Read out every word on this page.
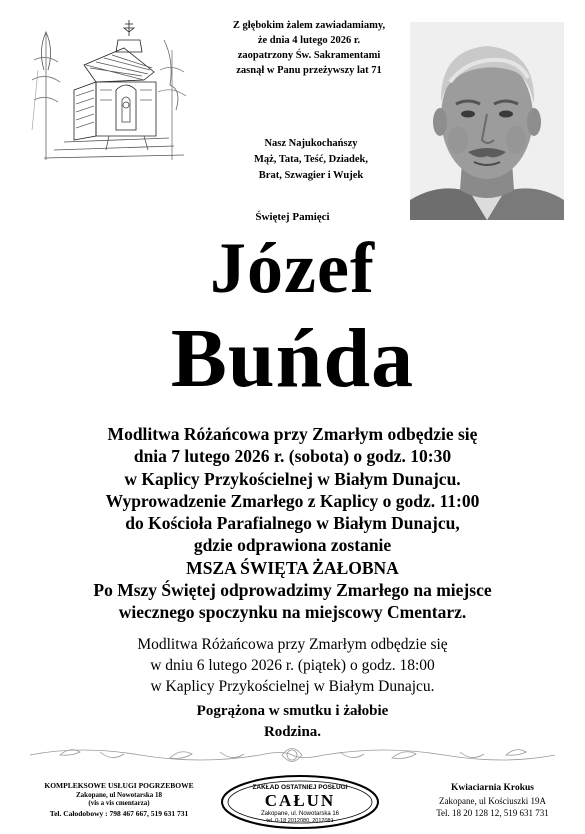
Z głębokim żalem zawiadamiamy,
że dnia 4 lutego 2026 r.
zaopatrzony Św. Sakramentami
zasnął w Panu przeżywszy lat 71
Nasz Najukochańszy
Mąż, Tata, Teść, Dziadek,
Brat, Szwagier i Wujek
Świętej Pamięci
Józef
Buńda
Modlitwa Różańcowa przy Zmarłym odbędzie się
dnia 7 lutego 2026 r. (sobota) o godz. 10:30
w Kaplicy Przykościelnej w Białym Dunajcu.
Wyprowadzenie Zmarłego z Kaplicy o godz. 11:00
do Kościoła Parafialnego w Białym Dunajcu,
gdzie odprawiona zostanie
MSZA ŚWIĘTA ŻAŁOBNA
Po Mszy Świętej odprowadzimy Zmarłego na miejsce
wiecznego spoczynku na miejscowy Cmentarz.
Modlitwa Różańcowa przy Zmarłym odbędzie się
w dniu 6 lutego 2026 r. (piątek) o godz. 18:00
w Kaplicy Przykościelnej w Białym Dunajcu.
Pogrążona w smutku i żałobie
Rodzina.
KOMPLEKSOWE USŁUGI POGRZEBOWE
Zakopane, ul Nowotarska 18
(vis a vis cmentarza)
Tel. Całodobowy : 798 467 667, 519 631 731
ZAKŁAD OSTATNIEJ POSŁUGI
CAŁUN
Zakopane, ul. Nowotarska 16
tel. 0-18 2012080, 2012081
Kwiaciarnia Krokus
Zakopane, ul Kościuszki 19A
Tel. 18 20 128 12, 519 631 731
